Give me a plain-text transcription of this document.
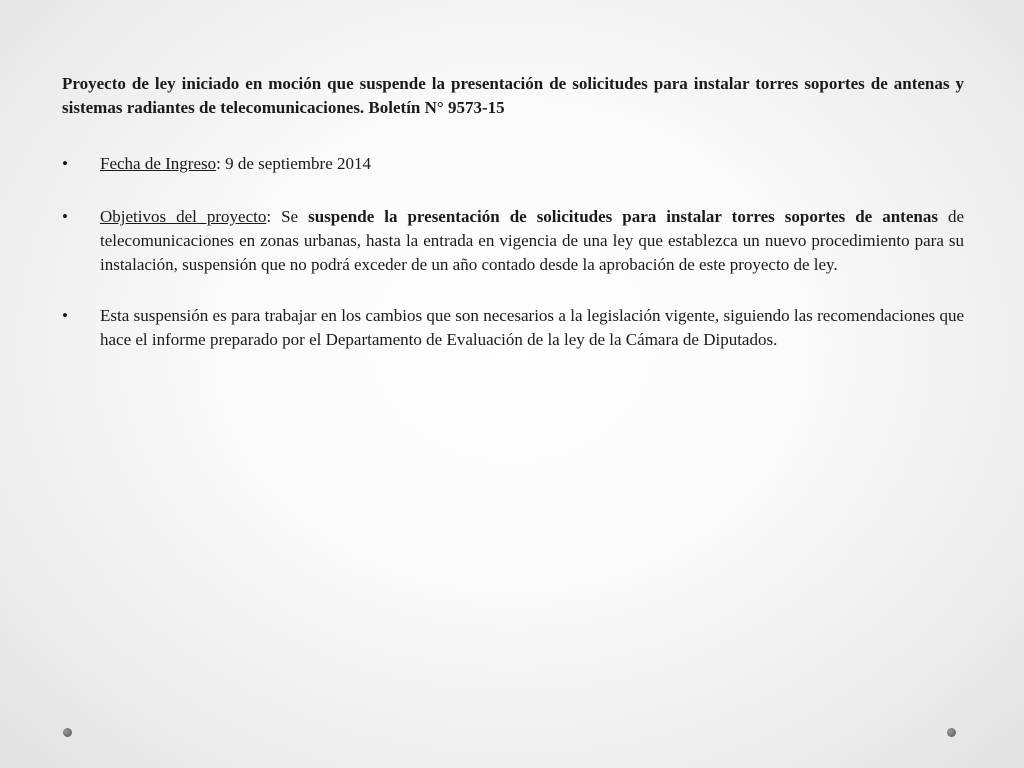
Proyecto de ley iniciado en moción que suspende la presentación de solicitudes para instalar torres soportes de antenas y sistemas radiantes de telecomunicaciones. Boletín N° 9573-15

• Fecha de Ingreso: 9 de septiembre 2014
• Objetivos del proyecto: Se suspende la presentación de solicitudes para instalar torres soportes de antenas de telecomunicaciones en zonas urbanas, hasta la entrada en vigencia de una ley que establezca un nuevo procedimiento para su instalación, suspensión que no podrá exceder de un año contado desde la aprobación de este proyecto de ley.
• Esta suspensión es para trabajar en los cambios que son necesarios a la legislación vigente, siguiendo las recomendaciones que hace el informe preparado por el Departamento de Evaluación de la ley de la Cámara de Diputados.
